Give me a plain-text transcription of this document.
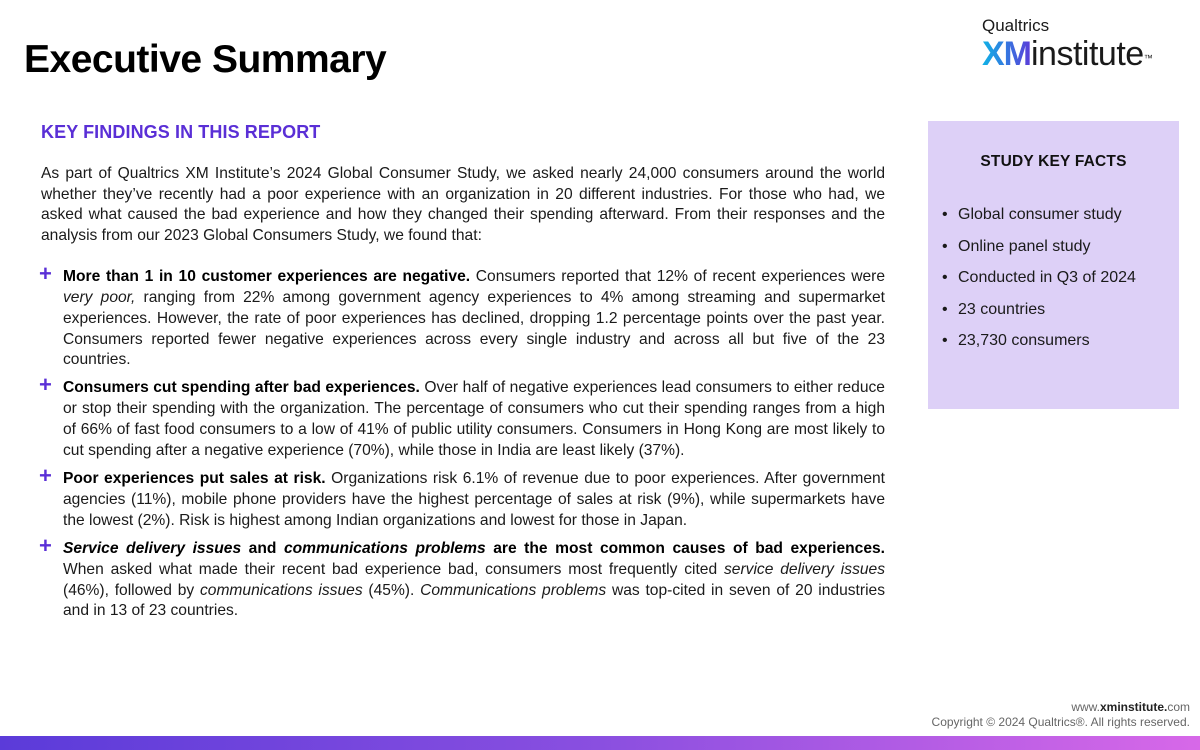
Executive Summary
Qualtrics
XMinstitute™
KEY FINDINGS IN THIS REPORT

As part of Qualtrics XM Institute’s 2024 Global Consumer Study, we asked nearly 24,000 consumers around the world whether they’ve recently had a poor experience with an organization in 20 different industries. For those who had, we asked what caused the bad experience and how they changed their spending afterward. From their responses and the analysis from our 2023 Global Consumers Study, we found that:

+ More than 1 in 10 customer experiences are negative. Consumers reported that 12% of recent experiences were very poor, ranging from 22% among government agency experiences to 4% among streaming and supermarket experiences. However, the rate of poor experiences has declined, dropping 1.2 percentage points over the past year. Consumers reported fewer negative experiences across every single industry and across all but five of the 23 countries.
+ Consumers cut spending after bad experiences. Over half of negative experiences lead consumers to either reduce or stop their spending with the organization. The percentage of consumers who cut their spending ranges from a high of 66% of fast food consumers to a low of 41% of public utility consumers. Consumers in Hong Kong are most likely to cut spending after a negative experience (70%), while those in India are least likely (37%).
+ Poor experiences put sales at risk. Organizations risk 6.1% of revenue due to poor experiences. After government agencies (11%), mobile phone providers have the highest percentage of sales at risk (9%), while supermarkets have the lowest (2%). Risk is highest among Indian organizations and lowest for those in Japan.
+ Service delivery issues and communications problems are the most common causes of bad experiences. When asked what made their recent bad experience bad, consumers most frequently cited service delivery issues (46%), followed by communications issues (45%). Communications problems was top-cited in seven of 20 industries and in 13 of 23 countries.
STUDY KEY FACTS
• Global consumer study
• Online panel study
• Conducted in Q3 of 2024
• 23 countries
• 23,730 consumers
www.xminstitute.com
Copyright © 2024 Qualtrics®. All rights reserved.
